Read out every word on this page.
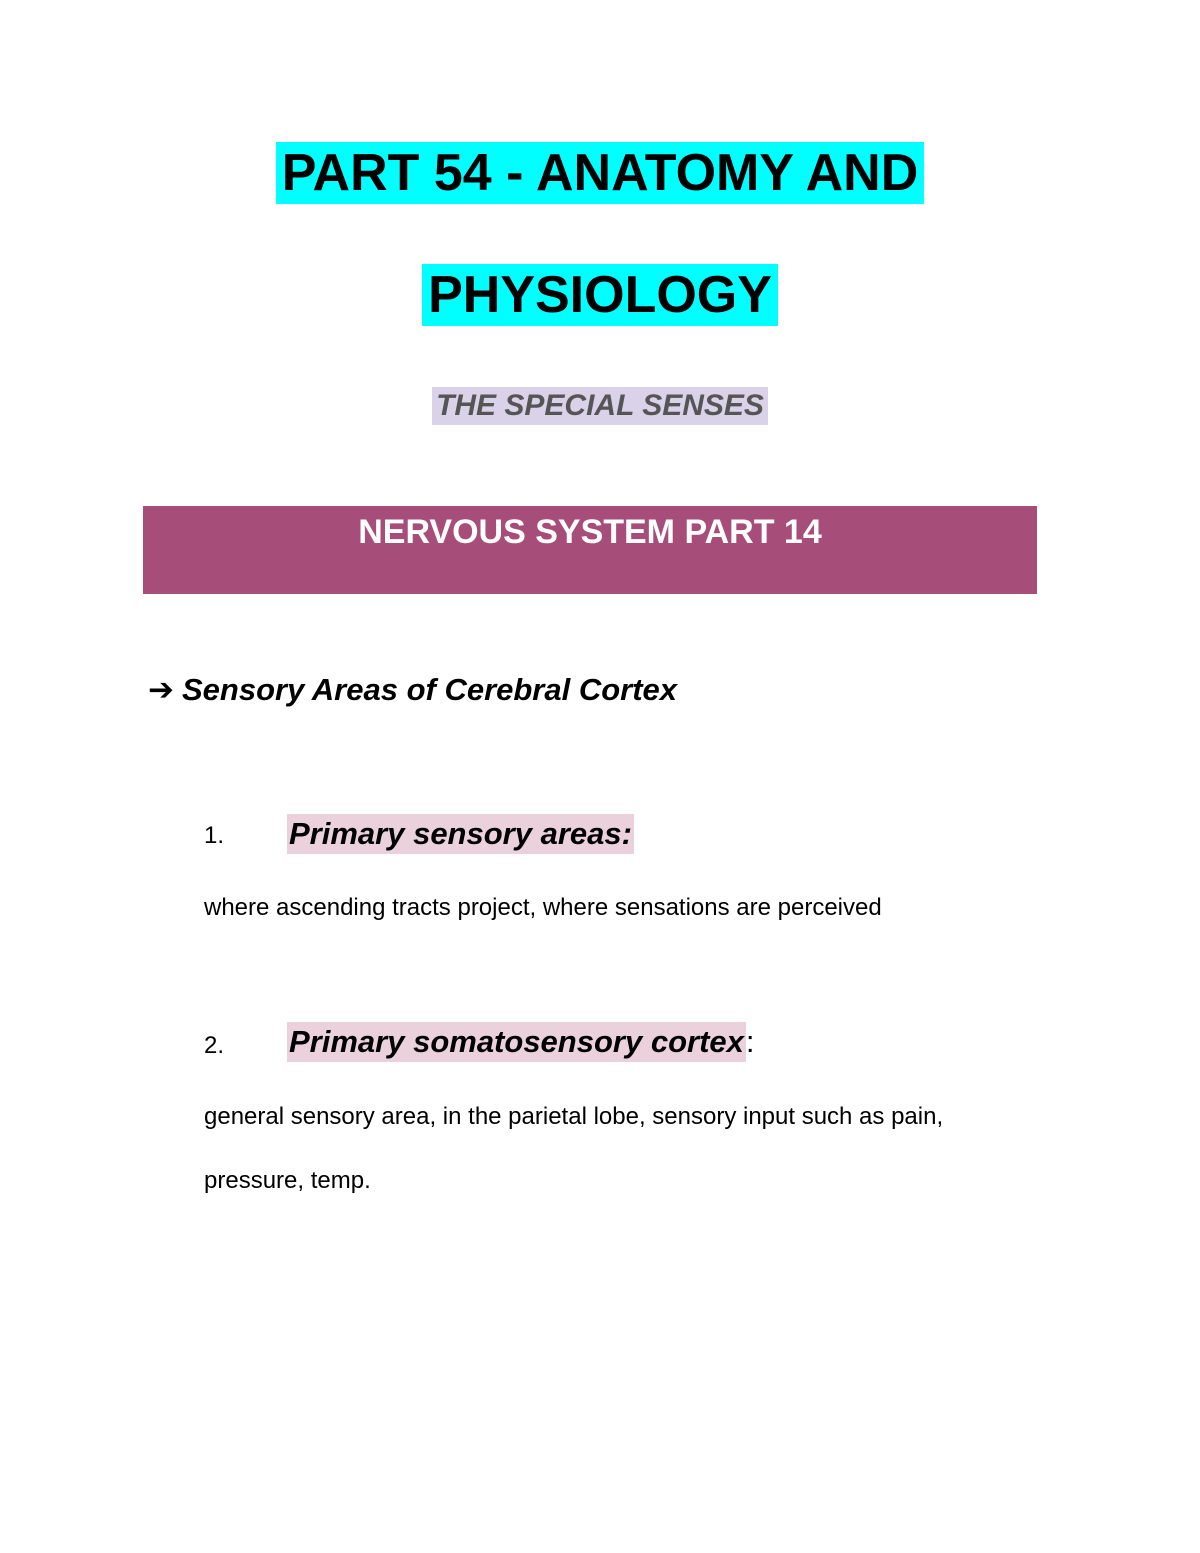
PART 54 - ANATOMY AND
PHYSIOLOGY
THE SPECIAL SENSES
NERVOUS SYSTEM PART 14
➔ Sensory Areas of Cerebral Cortex
1. Primary sensory areas:
where ascending tracts project, where sensations are perceived
2. Primary somatosensory cortex:
general sensory area, in the parietal lobe, sensory input such as pain,
pressure, temp.
